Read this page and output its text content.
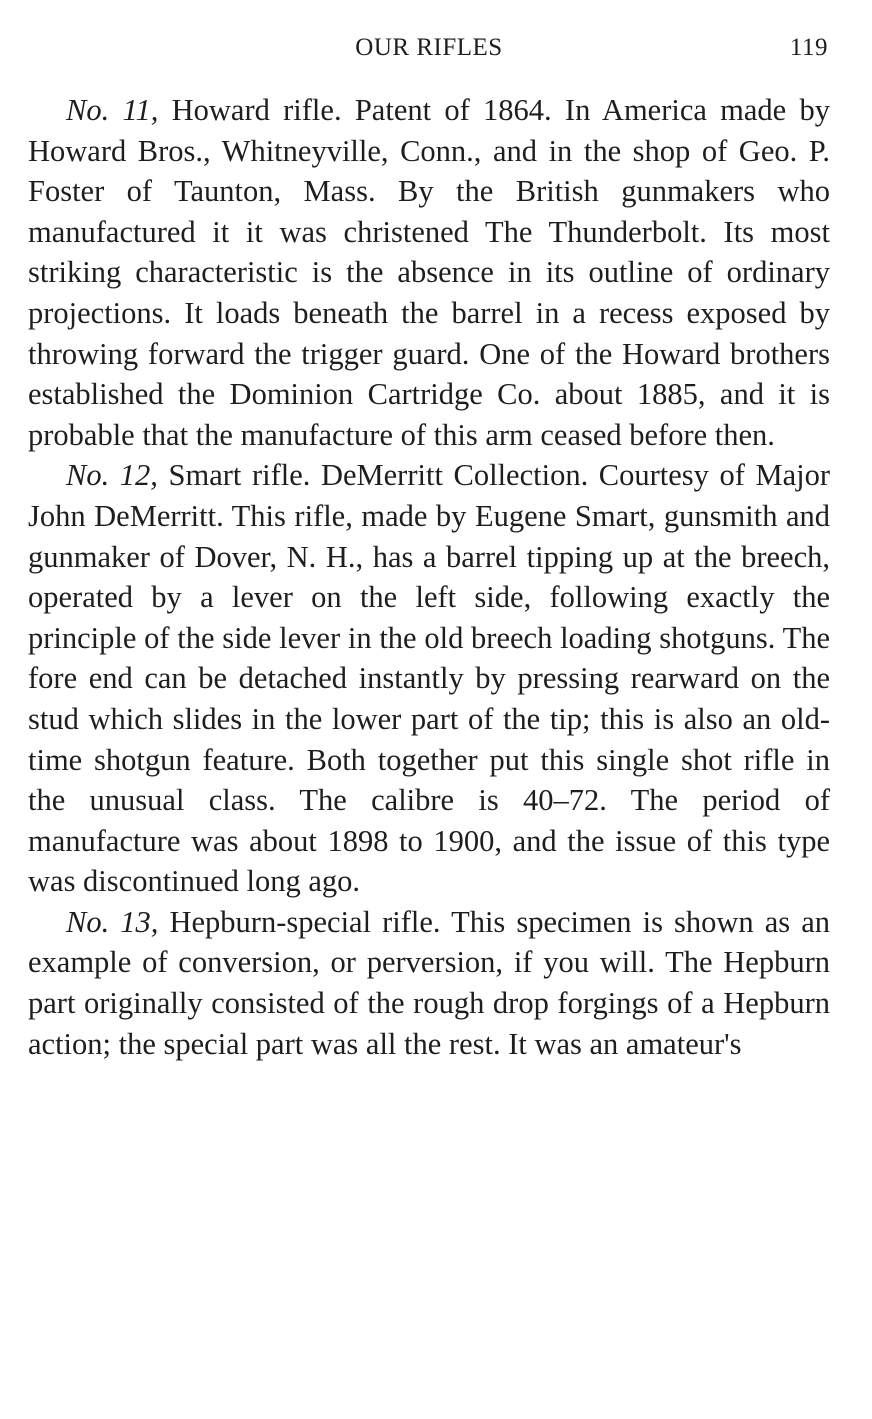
OUR RIFLES	119

No. 11, Howard rifle. Patent of 1864. In America made by Howard Bros., Whitneyville, Conn., and in the shop of Geo. P. Foster of Taunton, Mass. By the British gunmakers who manufactured it it was christened The Thunderbolt. Its most striking characteristic is the absence in its outline of ordinary projections. It loads beneath the barrel in a recess exposed by throwing forward the trigger guard. One of the Howard brothers established the Dominion Cartridge Co. about 1885, and it is probable that the manufacture of this arm ceased before then.

No. 12, Smart rifle. DeMerritt Collection. Courtesy of Major John DeMerritt. This rifle, made by Eugene Smart, gunsmith and gunmaker of Dover, N. H., has a barrel tipping up at the breech, operated by a lever on the left side, following exactly the principle of the side lever in the old breech loading shotguns. The fore end can be detached instantly by pressing rearward on the stud which slides in the lower part of the tip; this is also an old-time shotgun feature. Both together put this single shot rifle in the unusual class. The calibre is 40–72. The period of manufacture was about 1898 to 1900, and the issue of this type was discontinued long ago.

No. 13, Hepburn-special rifle. This specimen is shown as an example of conversion, or perversion, if you will. The Hepburn part originally consisted of the rough drop forgings of a Hepburn action; the special part was all the rest. It was an amateur's
